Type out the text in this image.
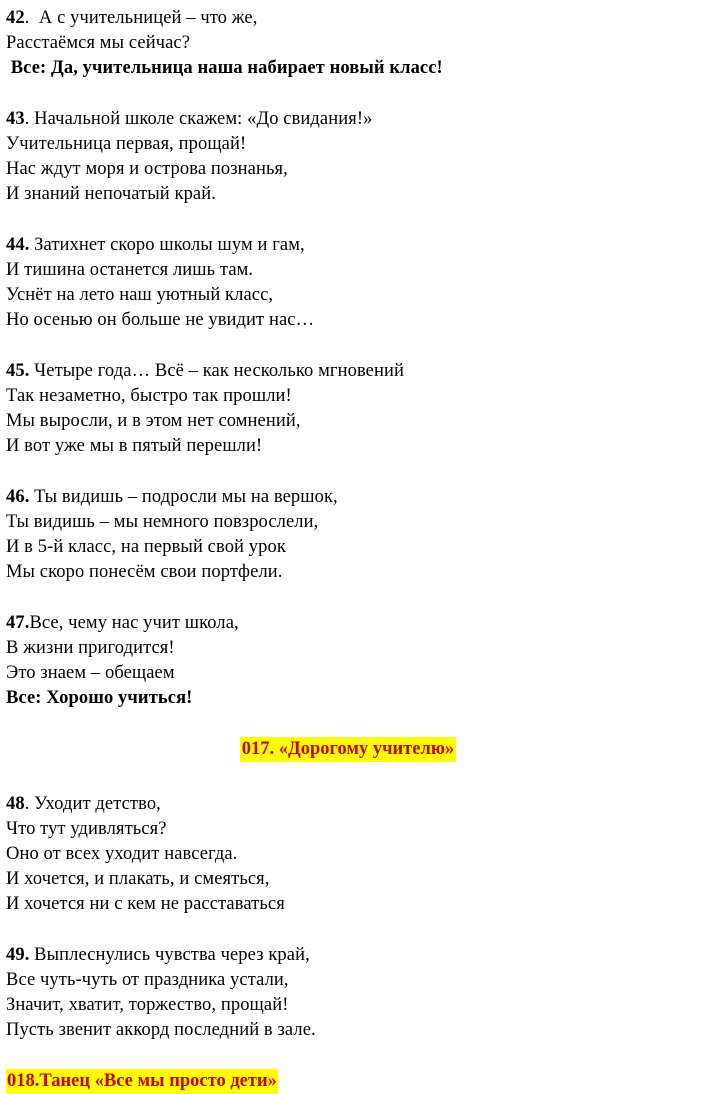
42.  А с учительницей – что же,
Расстаёмся мы сейчас?
Все: Да, учительница наша набирает новый класс!
43. Начальной школе скажем: «До свидания!»
Учительница первая, прощай!
Нас ждут моря и острова познанья,
И знаний непочатый край.
44. Затихнет скоро школы шум и гам,
И тишина останется лишь там.
Уснёт на лето наш уютный класс,
Но осенью он больше не увидит нас…
45. Четыре года… Всё – как несколько мгновений
Так незаметно, быстро так прошли!
Мы выросли, и в этом нет сомнений,
И вот уже мы в пятый перешли!
46. Ты видишь – подросли мы на вершок,
Ты видишь – мы немного повзрослели,
И в 5-й класс, на первый свой урок
Мы скоро понесём свои портфели.
47.Все, чему нас учит школа,
В жизни пригодится!
Это знаем – обещаем
Все: Хорошо учиться!
017. «Дорогому учителю»
48. Уходит детство,
Что тут удивляться?
Оно от всех уходит навсегда.
И хочется, и плакать, и смеяться,
И хочется ни с кем не расставаться
49. Выплеснулись чувства через край,
Все чуть-чуть от праздника устали,
Значит, хватит, торжество, прощай!
Пусть звенит аккорд последний в зале.
018.Танец «Все мы просто дети»
